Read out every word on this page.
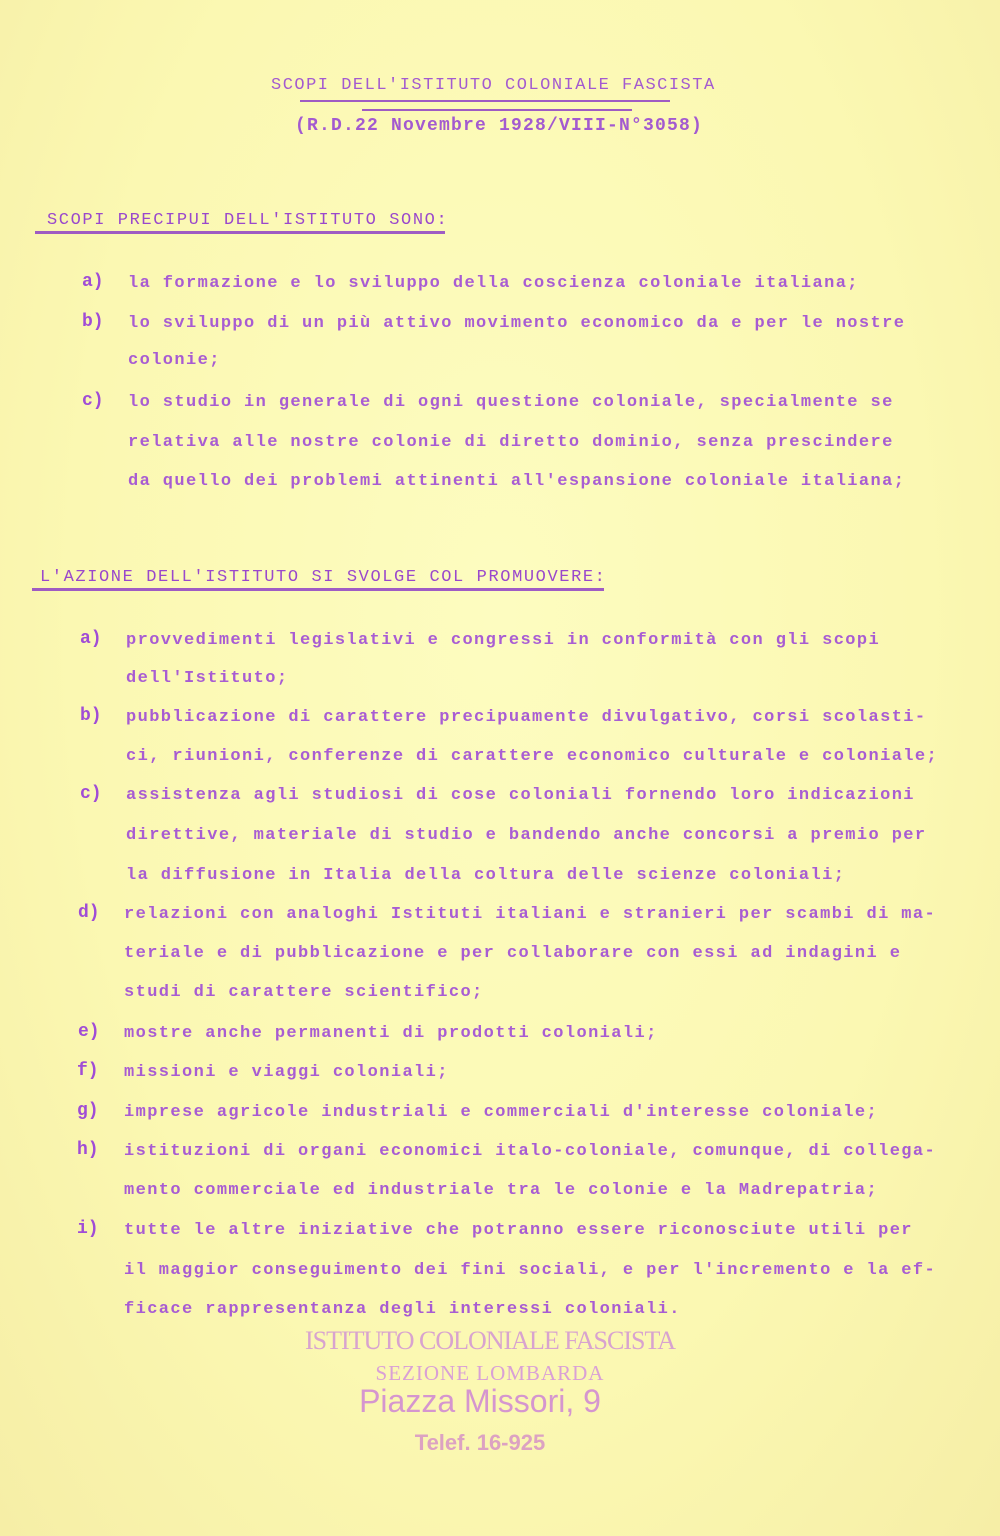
SCOPI DELL'ISTITUTO COLONIALE FASCISTA
(R.D.22 Novembre 1928/VIII-N°3058)
SCOPI PRECIPUI DELL'ISTITUTO SONO:
a) la formazione e lo sviluppo della coscienza coloniale italiana;
b) lo sviluppo di un più attivo movimento economico da e per le nostre
colonie;
c) lo studio in generale di ogni questione coloniale, specialmente se
relativa alle nostre colonie di diretto dominio, senza prescindere
da quello dei problemi attinenti all'espansione coloniale italiana;
L'AZIONE DELL'ISTITUTO SI SVOLGE COL PROMUOVERE:
a) provvedimenti legislativi e congressi in conformità con gli scopi
dell'Istituto;
b) pubblicazione di carattere precipuamente divulgativo, corsi scolasti-
ci, riunioni, conferenze di carattere economico culturale e coloniale;
c) assistenza agli studiosi di cose coloniali fornendo loro indicazioni
direttive, materiale di studio e bandendo anche concorsi a premio per
la diffusione in Italia della coltura delle scienze coloniali;
d) relazioni con analoghi Istituti italiani e stranieri per scambi di ma-
teriale e di pubblicazione e per collaborare con essi ad indagini e
studi di carattere scientifico;
e) mostre anche permanenti di prodotti coloniali;
f) missioni e viaggi coloniali;
g) imprese agricole industriali e commerciali d'interesse coloniale;
h) istituzioni di organi economici italo-coloniale, comunque, di collega-
mento commerciale ed industriale tra le colonie e la Madrepatria;
i) tutte le altre iniziative che potranno essere riconosciute utili per
il maggior conseguimento dei fini sociali, e per l'incremento e la ef-
ficace rappresentanza degli interessi coloniali.
ISTITUTO COLONIALE FASCISTA
SEZIONE LOMBARDA
Piazza Missori, 9
Telef. 16-925
